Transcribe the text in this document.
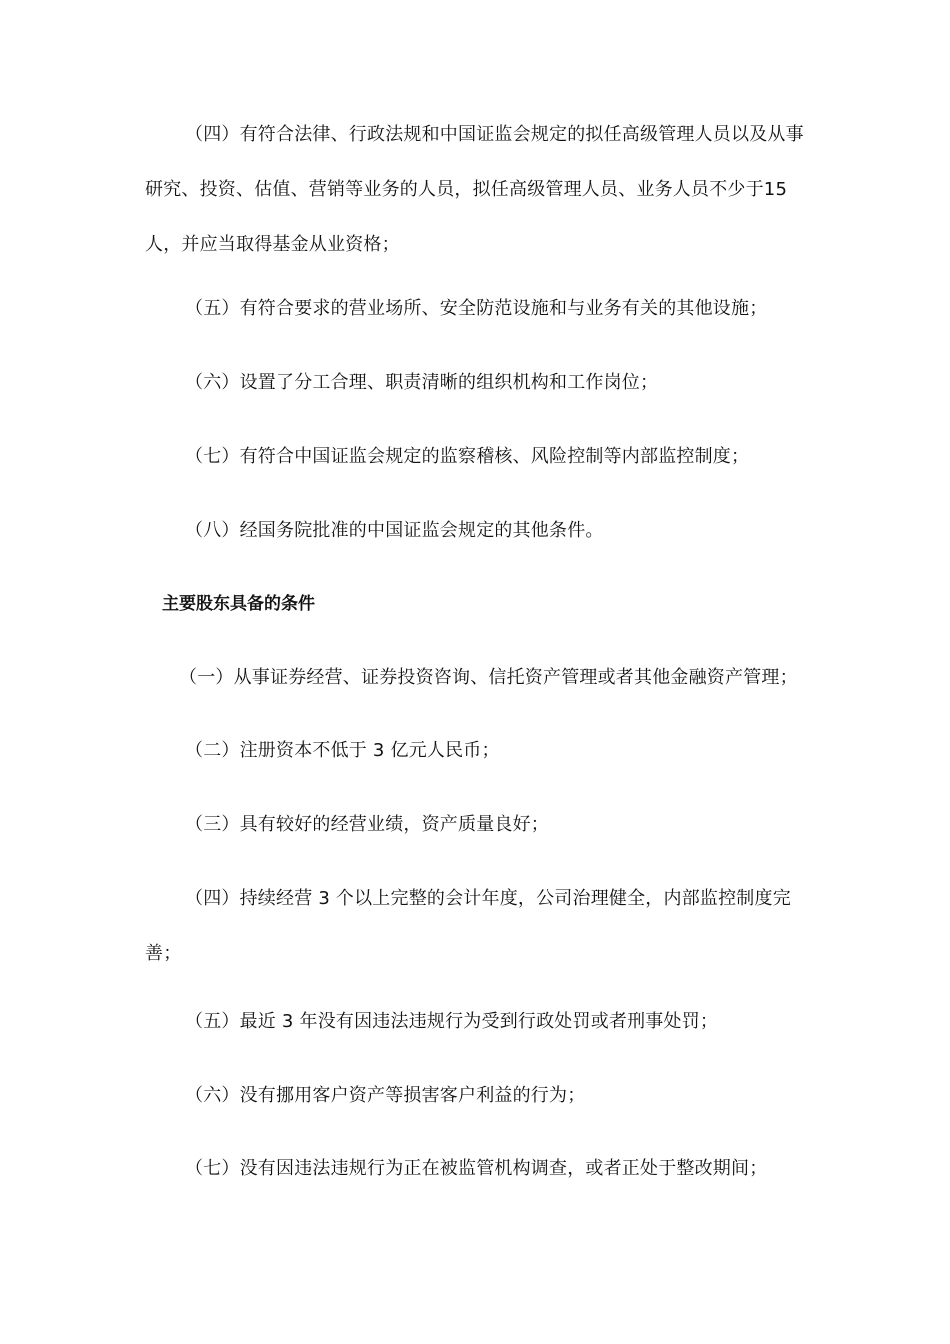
（四）有符合法律、行政法规和中国证监会规定的拟任高级管理人员以及从事研究、投资、估值、营销等业务的人员，拟任高级管理人员、业务人员不少于15 人，并应当取得基金从业资格；

（五）有符合要求的营业场所、安全防范设施和与业务有关的其他设施；

（六）设置了分工合理、职责清晰的组织机构和工作岗位；

（七）有符合中国证监会规定的监察稽核、风险控制等内部监控制度；

（八）经国务院批准的中国证监会规定的其他条件。

主要股东具备的条件

（一）从事证券经营、证券投资咨询、信托资产管理或者其他金融资产管理；

（二）注册资本不低于 3 亿元人民币；

（三）具有较好的经营业绩，资产质量良好；

（四）持续经营 3 个以上完整的会计年度，公司治理健全，内部监控制度完善；

（五）最近 3 年没有因违法违规行为受到行政处罚或者刑事处罚；

（六）没有挪用客户资产等损害客户利益的行为；

（七）没有因违法违规行为正在被监管机构调查，或者正处于整改期间；
